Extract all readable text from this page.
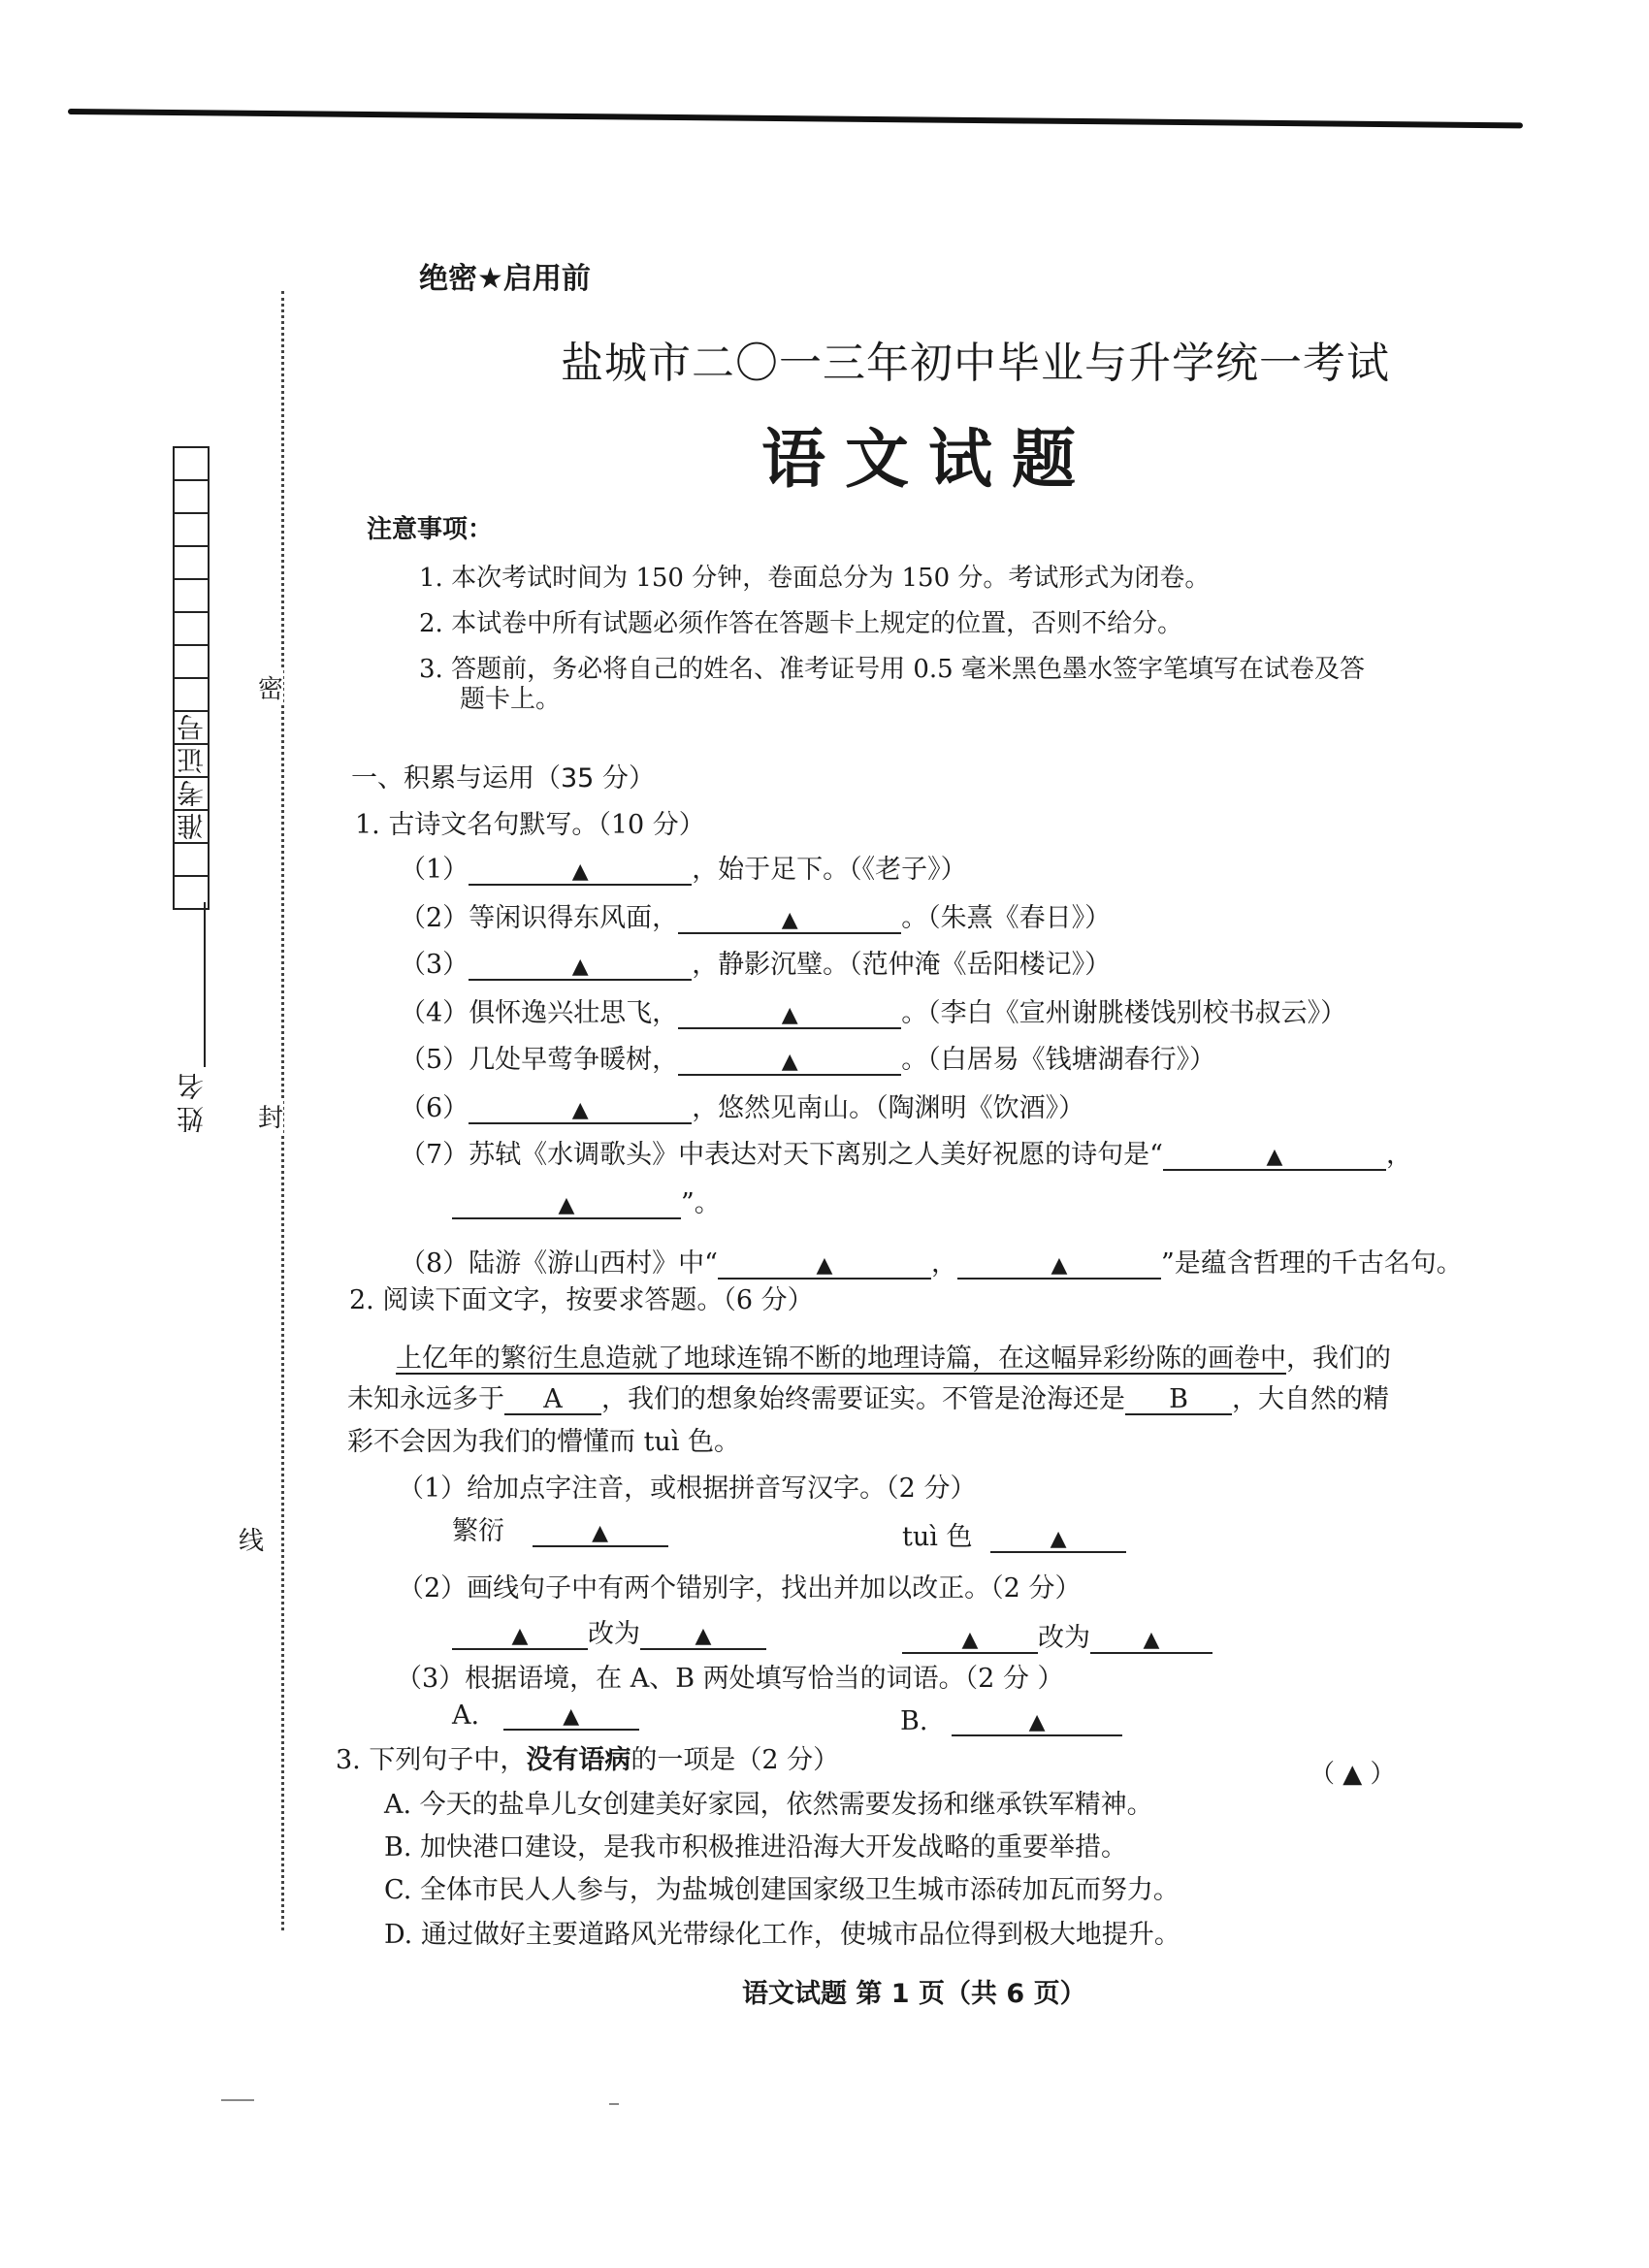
准考证号
姓名
密
封
线
绝密★启用前
盐城市二〇一三年初中毕业与升学统一考试
语文试题
注意事项：
1. 本次考试时间为 150 分钟，卷面总分为 150 分。考试形式为闭卷。
2. 本试卷中所有试题必须作答在答题卡上规定的位置，否则不给分。
3. 答题前，务必将自己的姓名、准考证号用 0.5 毫米黑色墨水签字笔填写在试卷及答
题卡上。
一、积累与运用（35 分）
1. 古诗文名句默写。（10 分）
（1）	▲	，始于足下。（《老子》）
（2）等闲识得东风面，	▲	。（朱熹《春日》）
（3）	▲	，静影沉璧。（范仲淹《岳阳楼记》）
（4）俱怀逸兴壮思飞，	▲	。（李白《宣州谢朓楼饯别校书叔云》）
（5）几处早莺争暖树，	▲	。（白居易《钱塘湖春行》）
（6）	▲	，悠然见南山。（陶渊明《饮酒》）
（7）苏轼《水调歌头》中表达对天下离别之人美好祝愿的诗句是“	▲	，
▲	”。
（8）陆游《游山西村》中“	▲	，	▲	”是蕴含哲理的千古名句。
2. 阅读下面文字，按要求答题。（6 分）
上亿年的繁衍生息造就了地球连锦不断的地理诗篇，在这幅异彩纷陈的画卷中，我们的
未知永远多于 A ，我们的想象始终需要证实。不管是沧海还是 B ，大自然的精
彩不会因为我们的懵懂而 tuì 色。
（1）给加点字注音，或根据拼音写汉字。（2 分）
繁衍	▲	tuì 色	▲
（2）画线句子中有两个错别字，找出并加以改正。（2 分）
▲ 改为	▲	▲ 改为 ▲
（3）根据语境，在 A、B 两处填写恰当的词语。（2 分 ）
A.	▲	B.	▲
3. 下列句子中，没有语病的一项是（2 分）	（ ▲ ）
A. 今天的盐阜儿女创建美好家园，依然需要发扬和继承铁军精神。
B. 加快港口建设，是我市积极推进沿海大开发战略的重要举措。
C. 全体市民人人参与，为盐城创建国家级卫生城市添砖加瓦而努力。
D. 通过做好主要道路风光带绿化工作，使城市品位得到极大地提升。
语文试题 第 1 页（共 6 页）
